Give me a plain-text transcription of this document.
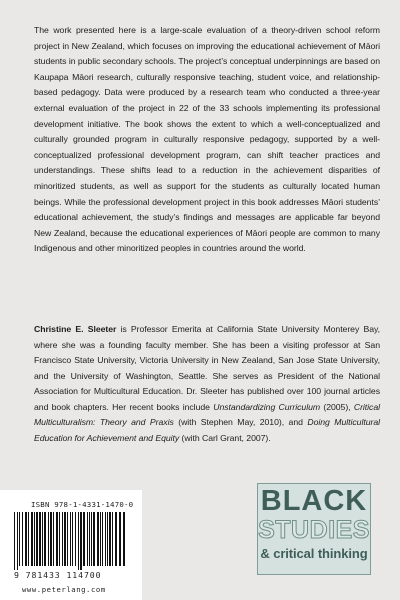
The work presented here is a large-scale evaluation of a theory-driven school reform project in New Zealand, which focuses on improving the educational achievement of Māori students in public secondary schools. The project’s conceptual underpinnings are based on Kaupapa Māori research, culturally responsive teaching, student voice, and relationship-based pedagogy. Data were produced by a research team who conducted a three-year external evaluation of the project in 22 of the 33 schools implementing its professional development initiative. The book shows the extent to which a well-conceptualized and culturally grounded program in culturally responsive pedagogy, supported by a well-conceptualized professional development program, can shift teacher practices and understandings. These shifts lead to a reduction in the achievement disparities of minoritized students, as well as support for the students as culturally located human beings. While the professional development project in this book addresses Māori students’ educational achievement, the study’s findings and messages are applicable far beyond New Zealand, because the educational experiences of Māori people are common to many Indigenous and other minoritized peoples in countries around the world.

Christine E. Sleeter is Professor Emerita at California State University Monterey Bay, where she was a founding faculty member. She has been a visiting professor at San Francisco State University, Victoria University in New Zealand, San Jose State University, and the University of Washington, Seattle. She serves as President of the National Association for Multicultural Education. Dr. Sleeter has published over 100 journal articles and book chapters. Her recent books include Unstandardizing Curriculum (2005), Critical Multiculturalism: Theory and Praxis (with Stephen May, 2010), and Doing Multicultural Education for Achievement and Equity (with Carl Grant, 2007).

ISBN 978-1-4331-1470-0
9 781433 114700
www.peterlang.com
BLACK
STUDIES
& critical thinking
